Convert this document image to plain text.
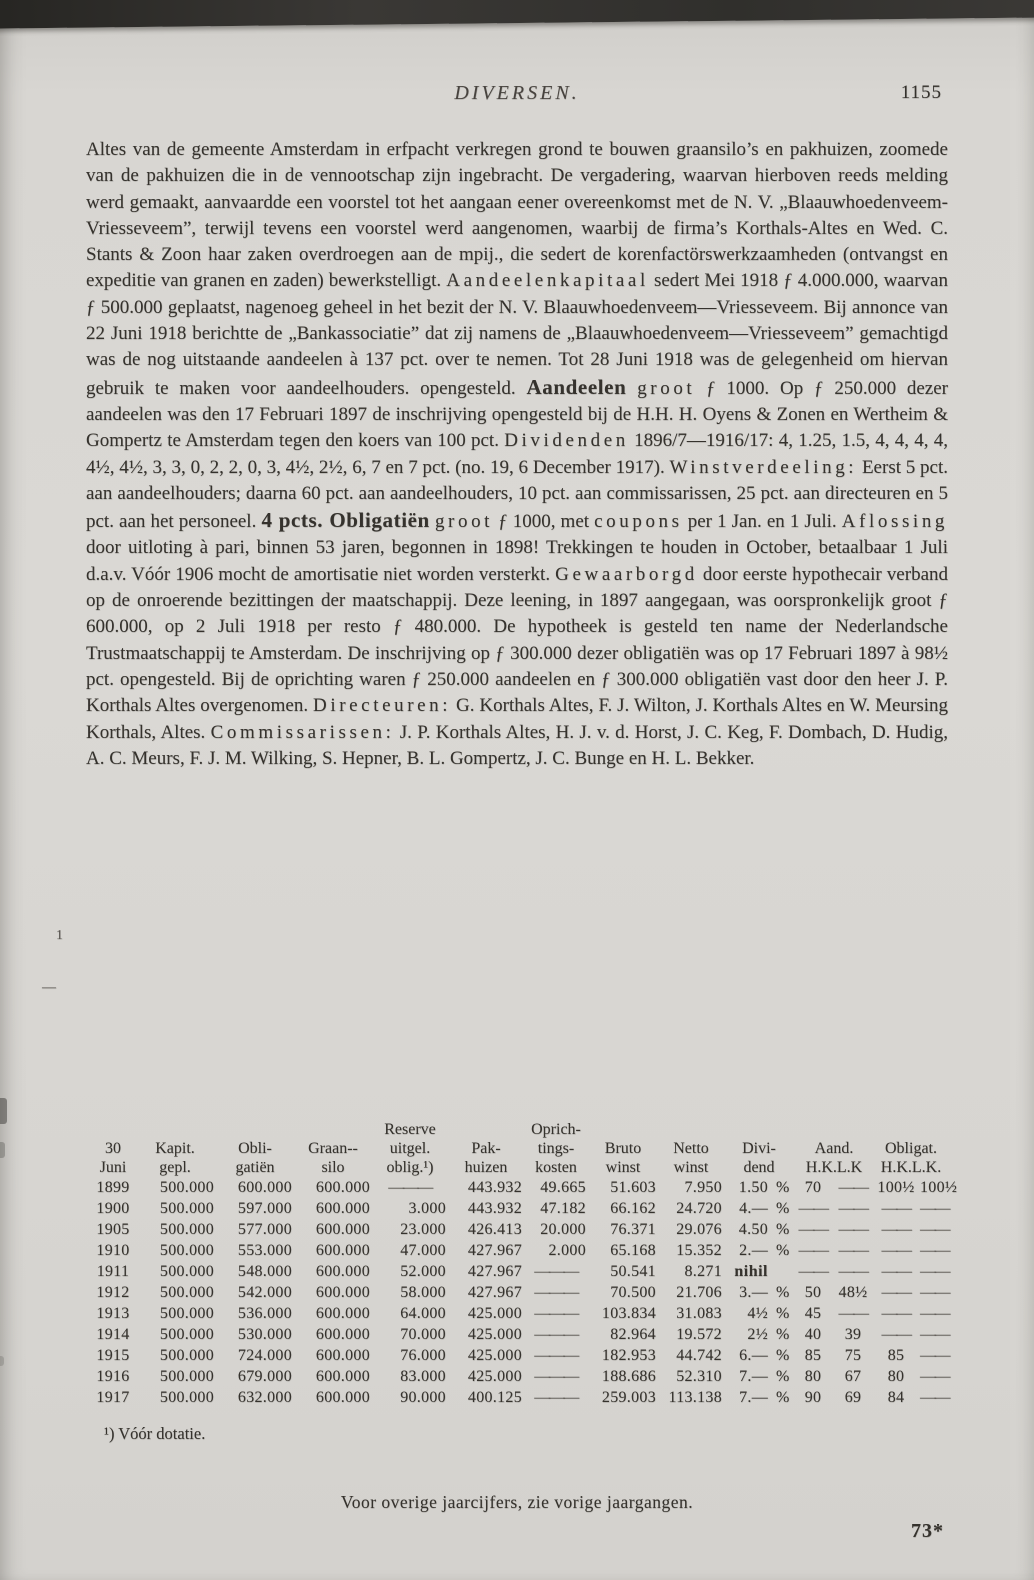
DIVERSEN.	1155
Altes van de gemeente Amsterdam in erfpacht verkregen grond te bouwen graansilo’s en pakhuizen, zoomede van de pakhuizen die in de vennootschap zijn ingebracht. De vergadering, waarvan hierboven reeds melding werd gemaakt, aanvaardde een voorstel tot het aangaan eener overeenkomst met de N. V. „Blaauwhoedenveem-Vriesseveem”, terwijl tevens een voorstel werd aangenomen, waarbij de firma’s Korthals-Altes en Wed. C. Stants & Zoon haar zaken overdroegen aan de mpij., die sedert de korenfactörswerkzaamheden (ontvangst en expeditie van granen en zaden) bewerkstelligt. Aandeelenkapitaal sedert Mei 1918 ƒ 4.000.000, waarvan ƒ 500.000 geplaatst, nagenoeg geheel in het bezit der N. V. Blaauwhoedenveem—Vriesseveem. Bij annonce van 22 Juni 1918 berichtte de „Bankassociatie” dat zij namens de „Blaauwhoedenveem—Vriesseveem” gemachtigd was de nog uitstaande aandeelen à 137 pct. over te nemen. Tot 28 Juni 1918 was de gelegenheid om hiervan gebruik te maken voor aandeelhouders. opengesteld. Aandeelen groot ƒ 1000. Op ƒ 250.000 dezer aandeelen was den 17 Februari 1897 de inschrijving opengesteld bij de H.H. H. Oyens & Zonen en Wertheim & Gompertz te Amsterdam tegen den koers van 100 pct. Dividenden 1896/7—1916/17: 4, 1.25, 1.5, 4, 4, 4, 4, 4½, 4½, 3, 3, 0, 2, 2, 0, 3, 4½, 2½, 6, 7 en 7 pct. (no. 19, 6 December 1917). Winstverdeeling: Eerst 5 pct. aan aandeelhouders; daarna 60 pct. aan aandeelhouders, 10 pct. aan commissarissen, 25 pct. aan directeuren en 5 pct. aan het personeel. 4 pcts. Obligatiën groot ƒ 1000, met coupons per 1 Jan. en 1 Juli. Aflossing door uitloting à pari, binnen 53 jaren, begonnen in 1898! Trekkingen te houden in October, betaalbaar 1 Juli d.a.v. Vóór 1906 mocht de amortisatie niet worden versterkt. Gewaarborgd door eerste hypothecair verband op de onroerende bezittingen der maatschappij. Deze leening, in 1897 aangegaan, was oorspronkelijk groot ƒ 600.000, op 2 Juli 1918 per resto ƒ 480.000. De hypotheek is gesteld ten name der Nederlandsche Trustmaatschappij te Amsterdam. De inschrijving op ƒ 300.000 dezer obligatiën was op 17 Februari 1897 à 98½ pct. opengesteld. Bij de oprichting waren ƒ 250.000 aandeelen en ƒ 300.000 obligatiën vast door den heer J. P. Korthals Altes overgenomen. Directeuren: G. Korthals Altes, F. J. Wilton, J. Korthals Altes en W. Meursing Korthals, Altes. Commissarissen: J. P. Korthals Altes, H. J. v. d. Horst, J. C. Keg, F. Dombach, D. Hudig, A. C. Meurs, F. J. M. Wilking, S. Hepner, B. L. Gompertz, J. C. Bunge en H. L. Bekker.
				Reserve		Oprich-								
30	Kapit.	Obli-	Graan--	uitgel.	Pak-	tings-	Bruto	Netto	Divi-		Aand.		Obligat.	
Juni	gepl.	gatiën	silo	oblig.¹)	huizen	kosten	winst	winst	dend		H.K.L.K		H.K.L.K.	
1899	500.000	600.000	600.000	———	443.932	49.665	51.603	7.950	1.50	%	70	——	100½	100½
1900	500.000	597.000	600.000	3.000	443.932	47.182	66.162	24.720	4.—	%	——	——	——	——
1905	500.000	577.000	600.000	23.000	426.413	20.000	76.371	29.076	4.50	%	——	——	——	——
1910	500.000	553.000	600.000	47.000	427.967	2.000	65.168	15.352	2.—	%	——	——	——	——
1911	500.000	548.000	600.000	52.000	427.967	———	50.541	8.271	nihil		——	——	——	——
1912	500.000	542.000	600.000	58.000	427.967	———	70.500	21.706	3.—	%	50	48½	——	——
1913	500.000	536.000	600.000	64.000	425.000	———	103.834	31.083	4½	%	45	——	——	——
1914	500.000	530.000	600.000	70.000	425.000	———	82.964	19.572	2½	%	40	39	——	——
1915	500.000	724.000	600.000	76.000	425.000	———	182.953	44.742	6.—	%	85	75	85	——
1916	500.000	679.000	600.000	83.000	425.000	———	188.686	52.310	7.—	%	80	67	80	——
1917	500.000	632.000	600.000	90.000	400.125	———	259.003	113.138	7.—	%	90	69	84	——
¹) Vóór dotatie.
Voor overige jaarcijfers, zie vorige jaargangen.
73*
1
—
